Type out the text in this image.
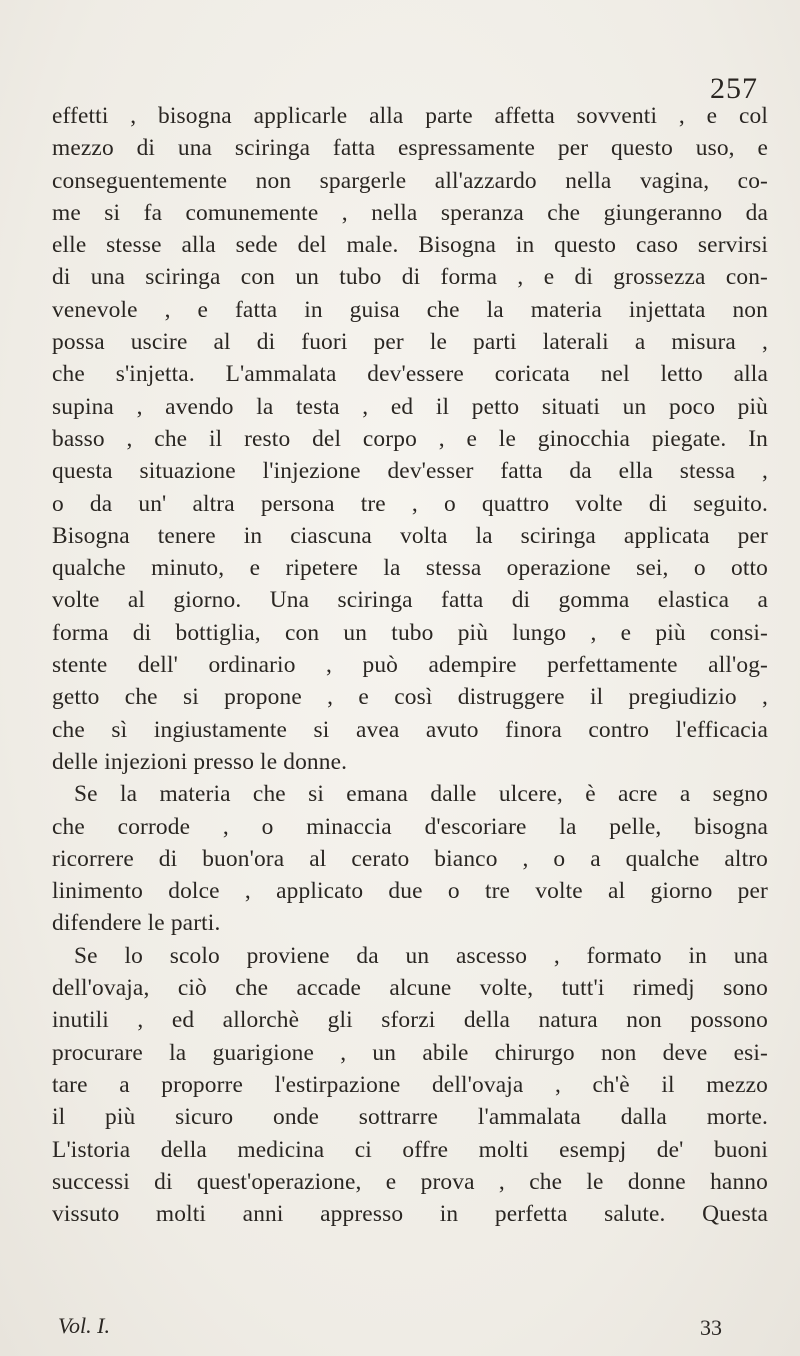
257
effetti , bisogna applicarle alla parte affetta sovventi , e col
mezzo di una sciringa fatta espressamente per questo uso, e
conseguentemente non spargerle all'azzardo nella vagina, co-
me si fa comunemente , nella speranza che giungeranno da
elle stesse alla sede del male. Bisogna in questo caso servirsi
di una sciringa con un tubo di forma , e di grossezza con-
venevole , e fatta in guisa che la materia injettata non
possa uscire al di fuori per le parti laterali a misura ,
che s'injetta. L'ammalata dev'essere coricata nel letto alla
supina , avendo la testa , ed il petto situati un poco più
basso , che il resto del corpo , e le ginocchia piegate. In
questa situazione l'injezione dev'esser fatta da ella stessa ,
o da un' altra persona tre , o quattro volte di seguito.
Bisogna tenere in ciascuna volta la sciringa applicata per
qualche minuto, e ripetere la stessa operazione sei, o otto
volte al giorno. Una sciringa fatta di gomma elastica a
forma di bottiglia, con un tubo più lungo , e più consi-
stente dell' ordinario , può adempire perfettamente all'og-
getto che si propone , e così distruggere il pregiudizio ,
che sì ingiustamente si avea avuto finora contro l'efficacia
delle injezioni presso le donne.
Se la materia che si emana dalle ulcere, è acre a segno
che corrode , o minaccia d'escoriare la pelle, bisogna
ricorrere di buon'ora al cerato bianco , o a qualche altro
linimento dolce , applicato due o tre volte al giorno per
difendere le parti.
Se lo scolo proviene da un ascesso , formato in una
dell'ovaja, ciò che accade alcune volte, tutt'i rimedj sono
inutili , ed allorchè gli sforzi della natura non possono
procurare la guarigione , un abile chirurgo non deve esi-
tare a proporre l'estirpazione dell'ovaja , ch'è il mezzo
il più sicuro onde sottrarre l'ammalata dalla morte.
L'istoria della medicina ci offre molti esempj de' buoni
successi di quest'operazione, e prova , che le donne hanno
vissuto molti anni appresso in perfetta salute. Questa
Vol. I.	33
